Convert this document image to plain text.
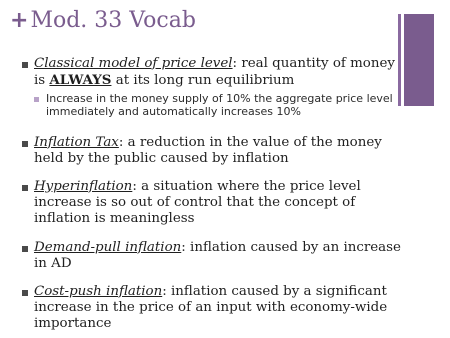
+Mod. 33 Vocab
Classical model of price level: real quantity of money is ALWAYS at its long run equilibrium
Increase in the money supply of 10% the aggregate price level immediately and automatically increases 10%
Inflation Tax: a reduction in the value of the money held by the public caused by inflation
Hyperinflation: a situation where the price level increase is so out of control that the concept of inflation is meaningless
Demand-pull inflation: inflation caused by an increase in AD
Cost-push inflation: inflation caused by a significant increase in the price of an input with economy-wide importance
